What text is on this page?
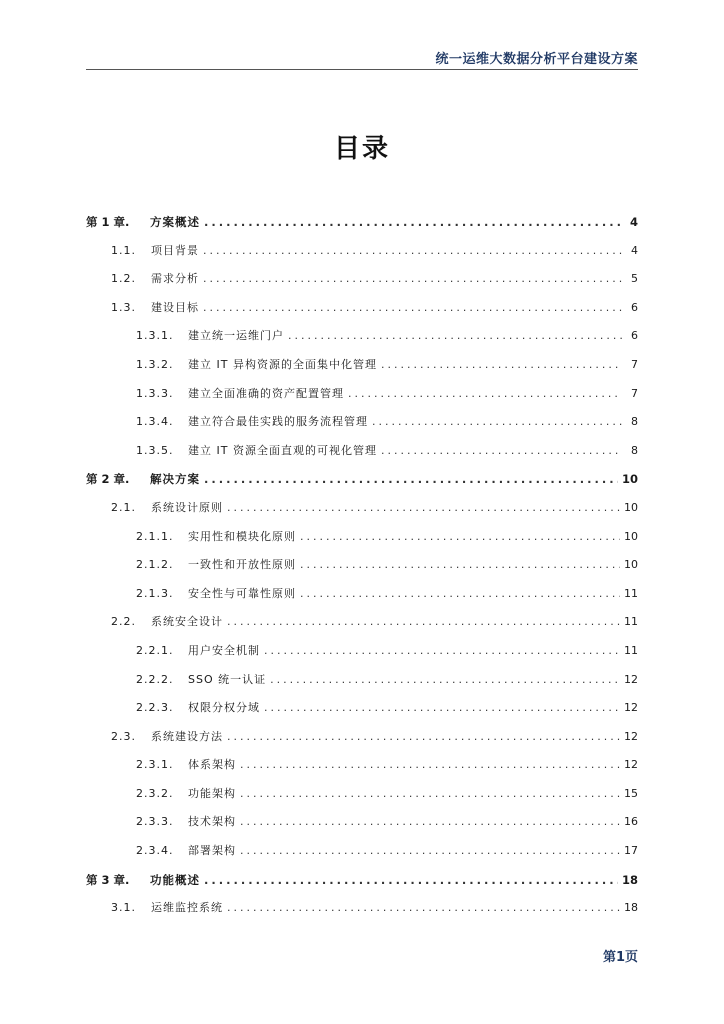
统一运维大数据分析平台建设方案
目录
第 1 章.	方案概述 .....	4
1.1.	项目背景 .....	4
1.2.	需求分析 .....	5
1.3.	建设目标 .....	6
1.3.1.	建立统一运维门户 .....	6
1.3.2.	建立 IT 异构资源的全面集中化管理 .....	7
1.3.3.	建立全面准确的资产配置管理 .....	7
1.3.4.	建立符合最佳实践的服务流程管理 .....	8
1.3.5.	建立 IT 资源全面直观的可视化管理 .....	8
第 2 章.	解决方案 .....	10
2.1.	系统设计原则 .....	10
2.1.1.	实用性和模块化原则 .....	10
2.1.2.	一致性和开放性原则 .....	10
2.1.3.	安全性与可靠性原则 .....	11
2.2.	系统安全设计 .....	11
2.2.1.	用户安全机制 .....	11
2.2.2.	SSO 统一认证 .....	12
2.2.3.	权限分权分域 .....	12
2.3.	系统建设方法 .....	12
2.3.1.	体系架构 .....	12
2.3.2.	功能架构 .....	15
2.3.3.	技术架构 .....	16
2.3.4.	部署架构 .....	17
第 3 章.	功能概述 .....	18
3.1.	运维监控系统 .....	18
第1页
